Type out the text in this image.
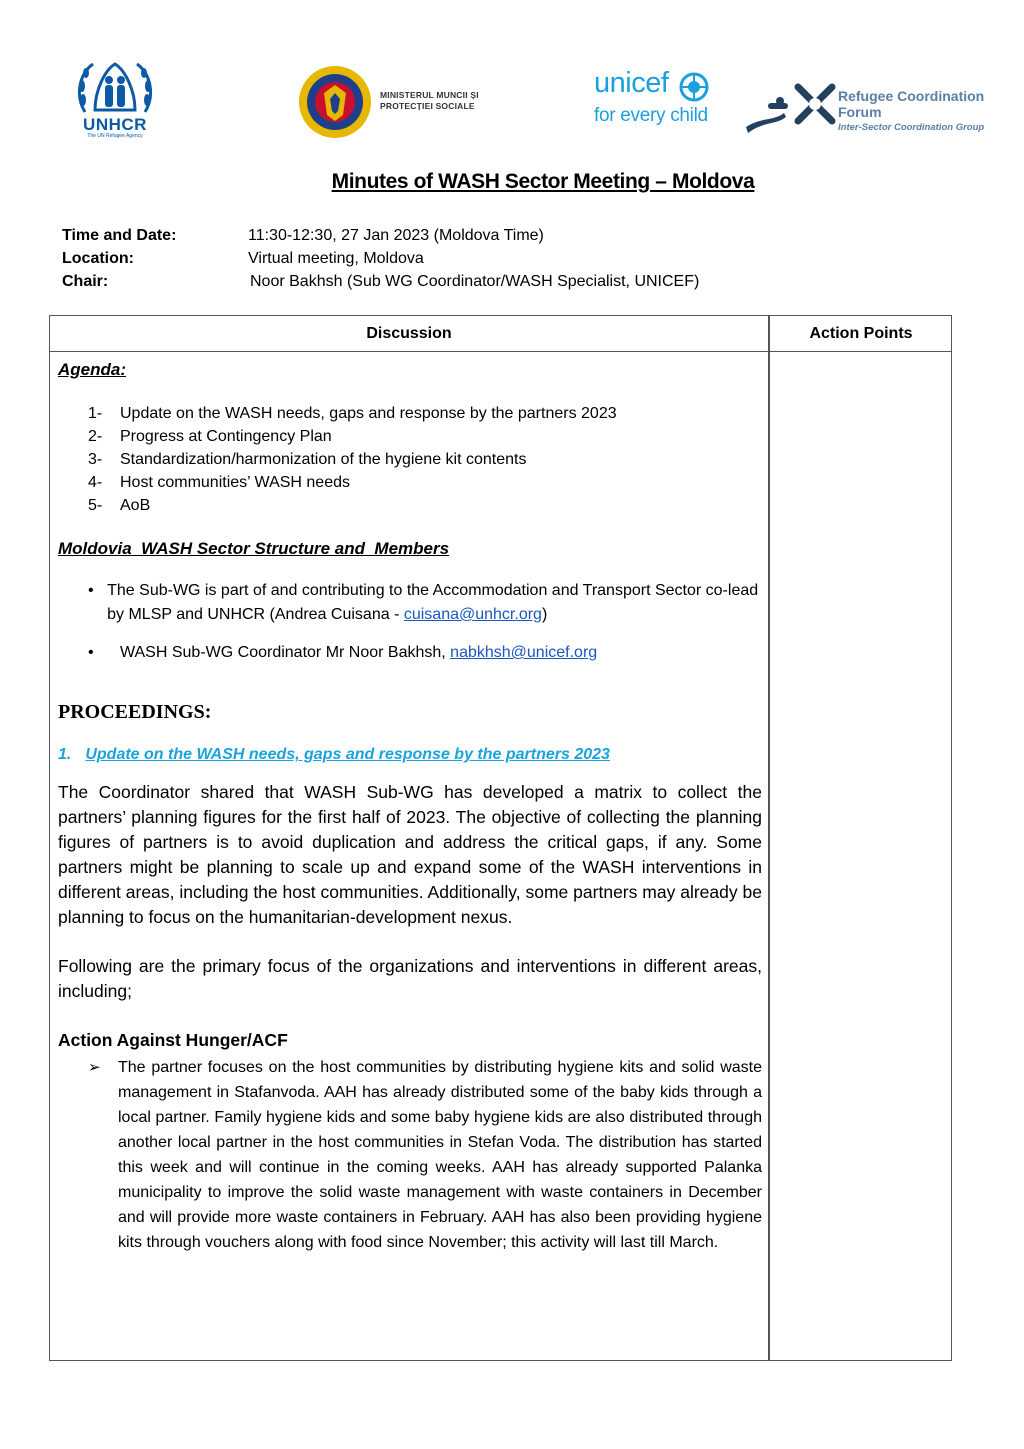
UNHCR
The UN Refugee Agency
MINISTERUL MUNCII ȘI
PROTECȚIEI SOCIALE
unicef
for every child
Refugee Coordination
Forum
Inter-Sector Coordination Group
Minutes of WASH Sector Meeting – Moldova
Time and Date:	11:30-12:30, 27 Jan 2023 (Moldova Time)
Location:	Virtual meeting, Moldova
Chair:	Noor Bakhsh (Sub WG Coordinator/WASH Specialist, UNICEF)
Discussion	Action Points
Agenda:
1-	Update on the WASH needs, gaps and response by the partners 2023
2-	Progress at Contingency Plan
3-	Standardization/harmonization of the hygiene kit contents
4-	Host communities’ WASH needs
5-	AoB
Moldovia  WASH Sector Structure and  Members
• The Sub-WG is part of and contributing to the Accommodation and Transport Sector co-lead by MLSP and UNHCR (Andrea Cuisana - cuisana@unhcr.org)
•	WASH Sub-WG Coordinator Mr Noor Bakhsh, nabkhsh@unicef.org
PROCEEDINGS:
1. Update on the WASH needs, gaps and response by the partners 2023
The Coordinator shared that WASH Sub-WG has developed a matrix to collect the partners’ planning figures for the first half of 2023. The objective of collecting the planning figures of partners is to avoid duplication and address the critical gaps, if any. Some partners might be planning to scale up and expand some of the WASH interventions in different areas, including the host communities. Additionally, some partners may already be planning to focus on the humanitarian-development nexus.
Following are the primary focus of the organizations and interventions in different areas, including;
Action Against Hunger/ACF
➢	The partner focuses on the host communities by distributing hygiene kits and solid waste management in Stafanvoda. AAH has already distributed some of the baby kids through a local partner. Family hygiene kids and some baby hygiene kids are also distributed through another local partner in the host communities in Stefan Voda. The distribution has started this week and will continue in the coming weeks. AAH has already supported Palanka municipality to improve the solid waste management with waste containers in December and will provide more waste containers in February. AAH has also been providing hygiene kits through vouchers along with food since November; this activity will last till March.
